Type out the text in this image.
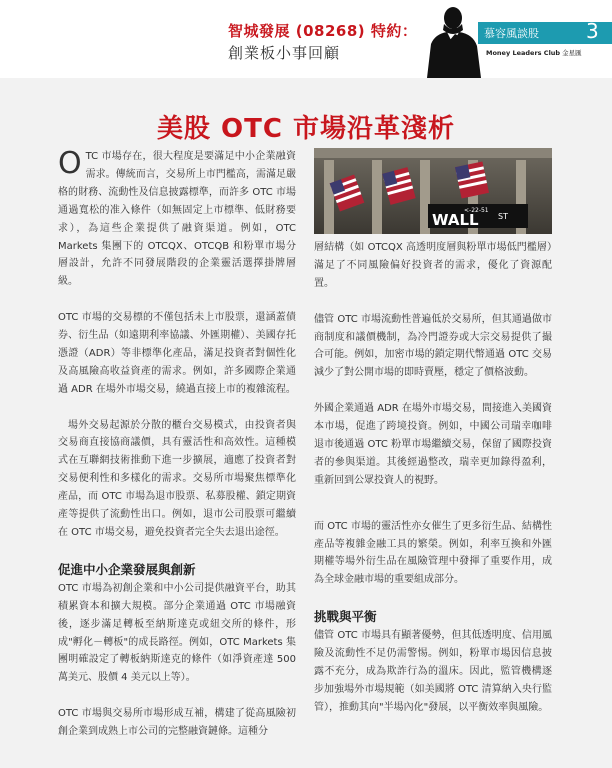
智城發展 (08268) 特約：
創業板小事回顧
慕容風談股 3
Money Leaders Club 金星匯
美股 OTC 市場沿革淺析

OTC 市場存在，很大程度是要滿足中小企業融資需求。傳統而言，交易所上市門檻高，需滿足嚴格的財務、流動性及信息披露標準，而許多 OTC 市場通過寬松的准入條件（如無固定上市標準、低財務要求），為這些企業提供了融資渠道。例如，OTC Markets 集團下的 OTCQX、OTCQB 和粉單市場分層設計，允許不同發展階段的企業靈活選擇掛牌層級。

OTC 市場的交易標的不僅包括未上市股票，還涵蓋債券、衍生品（如遠期利率協議、外匯期權）、美國存托憑證（ADR）等非標準化產品，滿足投資者對個性化及高風險高收益資產的需求。例如，許多國際企業通過 ADR 在場外市場交易，繞過直接上市的複雜流程。

場外交易起源於分散的櫃台交易模式，由投資者與交易商直接協商議價，具有靈活性和高效性。這種模式在互聯網技術推動下進一步擴展，適應了投資者對交易便利性和多樣化的需求。交易所市場聚焦標準化產品，而 OTC 市場為退市股票、私募股權、鎖定期資產等提供了流動性出口。例如，退市公司股票可繼續在 OTC 市場交易，避免投資者完全失去退出途徑。

促進中小企業發展與創新

OTC 市場為初創企業和中小公司提供融資平台，助其積累資本和擴大規模。部分企業通過 OTC 市場融資後，逐步滿足轉板至納斯達克或紐交所的條件，形成"孵化－轉板"的成長路徑。例如，OTC Markets 集團明確設定了轉板納斯達克的條件（如淨資產達 500 萬美元、股價 4 美元以上等）。

OTC 市場與交易所市場形成互補，構建了從高風險初創企業到成熟上市公司的完整融資鏈條。這種分

<-22-51
WALL ST

層結構（如 OTCQX 高透明度層與粉單市場低門檻層）滿足了不同風險偏好投資者的需求，優化了資源配置。

儘管 OTC 市場流動性普遍低於交易所，但其通過做市商制度和議價機制，為冷門證券或大宗交易提供了撮合可能。例如，加密市場的鎖定期代幣通過 OTC 交易減少了對公開市場的即時賣壓，穩定了價格波動。

外國企業通過 ADR 在場外市場交易，間接進入美國資本市場，促進了跨境投資。例如，中國公司瑞幸咖啡退市後通過 OTC 粉單市場繼續交易，保留了國際投資者的參與渠道。其後經過整改，瑞幸更加錄得盈利，重新回到公眾投資人的視野。

而 OTC 市場的靈活性亦女催生了更多衍生品、結構性產品等複雜金融工具的繁榮。例如，利率互換和外匯期權等場外衍生品在風險管理中發揮了重要作用，成為全球金融市場的重要組成部分。

挑戰與平衡

儘管 OTC 市場具有顯著優勢，但其低透明度、信用風險及流動性不足仍需警惕。例如，粉單市場因信息披露不充分，成為欺詐行為的溫床。因此，監管機構逐步加強場外市場規範（如美國將 OTC 清算納入央行監管），推動其向"半場內化"發展，以平衡效率與風險。
